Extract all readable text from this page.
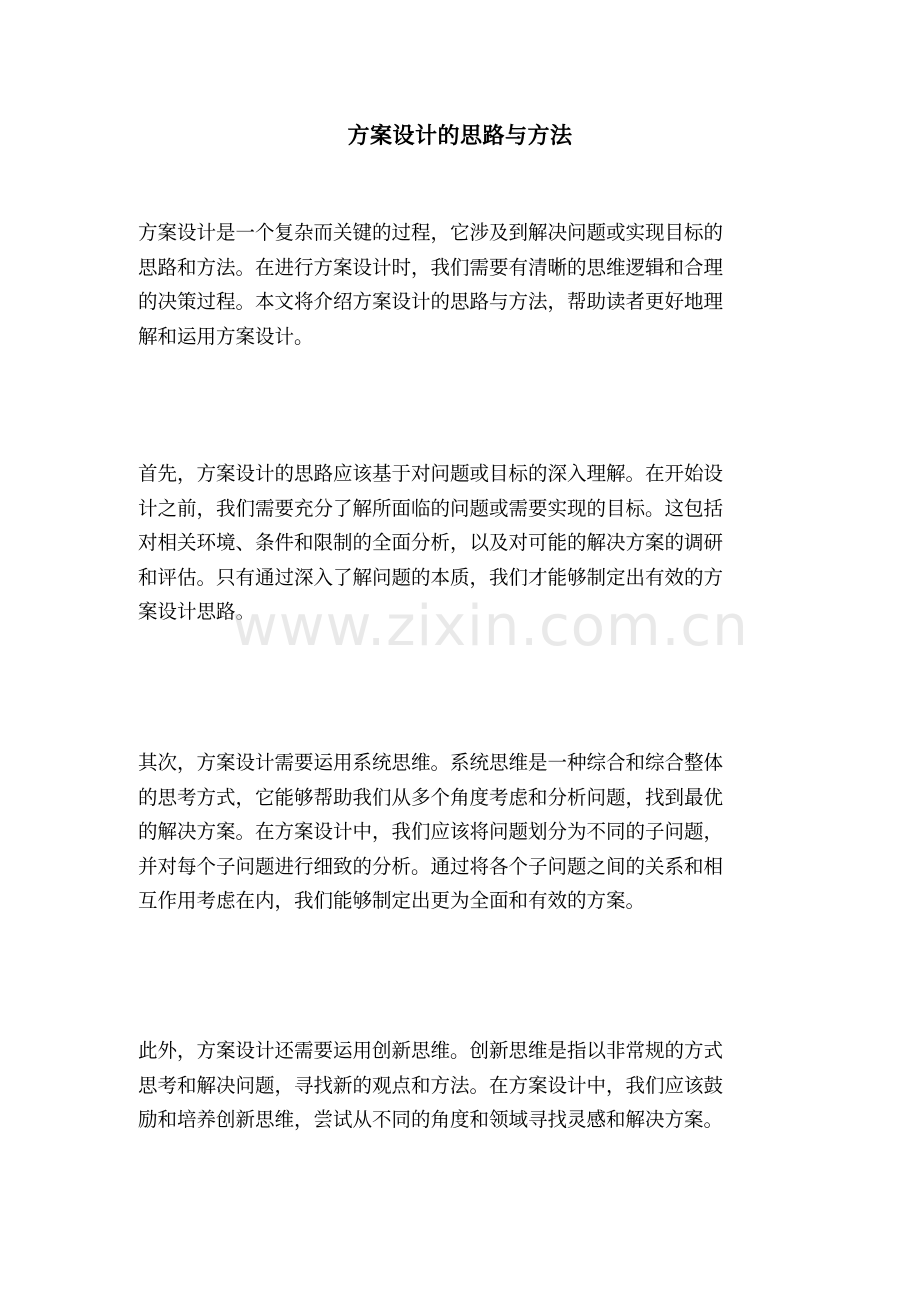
方案设计的思路与方法
方案设计是一个复杂而关键的过程，它涉及到解决问题或实现目标的
思路和方法。在进行方案设计时，我们需要有清晰的思维逻辑和合理
的决策过程。本文将介绍方案设计的思路与方法，帮助读者更好地理
解和运用方案设计。
首先，方案设计的思路应该基于对问题或目标的深入理解。在开始设
计之前，我们需要充分了解所面临的问题或需要实现的目标。这包括
对相关环境、条件和限制的全面分析，以及对可能的解决方案的调研
和评估。只有通过深入了解问题的本质，我们才能够制定出有效的方
案设计思路。
其次，方案设计需要运用系统思维。系统思维是一种综合和综合整体
的思考方式，它能够帮助我们从多个角度考虑和分析问题，找到最优
的解决方案。在方案设计中，我们应该将问题划分为不同的子问题，
并对每个子问题进行细致的分析。通过将各个子问题之间的关系和相
互作用考虑在内，我们能够制定出更为全面和有效的方案。
此外，方案设计还需要运用创新思维。创新思维是指以非常规的方式
思考和解决问题，寻找新的观点和方法。在方案设计中，我们应该鼓
励和培养创新思维，尝试从不同的角度和领域寻找灵感和解决方案。
www.zixin.com.cn
